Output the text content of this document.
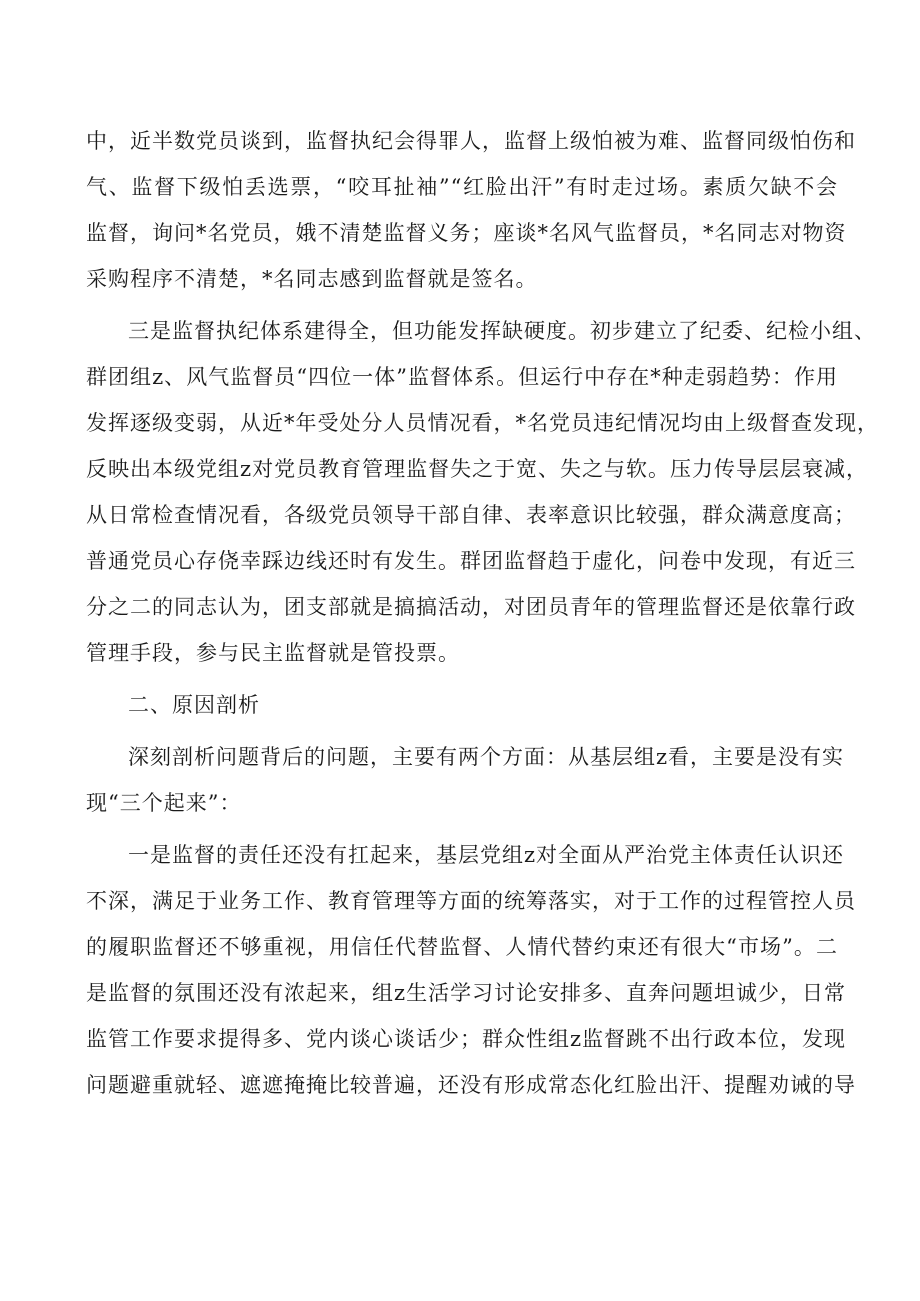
中，近半数党员谈到，监督执纪会得罪人，监督上级怕被为难、监督同级怕伤和
气、监督下级怕丢选票，“咬耳扯袖”“红脸出汗”有时走过场。素质欠缺不会
监督，询问*名党员，娥不清楚监督义务；座谈*名风气监督员，*名同志对物资
采购程序不清楚，*名同志感到监督就是签名。
三是监督执纪体系建得全，但功能发挥缺硬度。初步建立了纪委、纪检小组、
群团组z、风气监督员“四位一体”监督体系。但运行中存在*种走弱趋势：作用
发挥逐级变弱，从近*年受处分人员情况看，*名党员违纪情况均由上级督查发现，
反映出本级党组z对党员教育管理监督失之于宽、失之与软。压力传导层层衰减，
从日常检查情况看，各级党员领导干部自律、表率意识比较强，群众满意度高；
普通党员心存侥幸踩边线还时有发生。群团监督趋于虚化，问卷中发现，有近三
分之二的同志认为，团支部就是搞搞活动，对团员青年的管理监督还是依靠行政
管理手段，参与民主监督就是管投票。
二、原因剖析
深刻剖析问题背后的问题，主要有两个方面：从基层组z看，主要是没有实
现“三个起来”：
一是监督的责任还没有扛起来，基层党组z对全面从严治党主体责任认识还
不深，满足于业务工作、教育管理等方面的统筹落实，对于工作的过程管控人员
的履职监督还不够重视，用信任代替监督、人情代替约束还有很大“市场”。二
是监督的氛围还没有浓起来，组z生活学习讨论安排多、直奔问题坦诚少，日常
监管工作要求提得多、党内谈心谈话少；群众性组z监督跳不出行政本位，发现
问题避重就轻、遮遮掩掩比较普遍，还没有形成常态化红脸出汗、提醒劝诫的导
